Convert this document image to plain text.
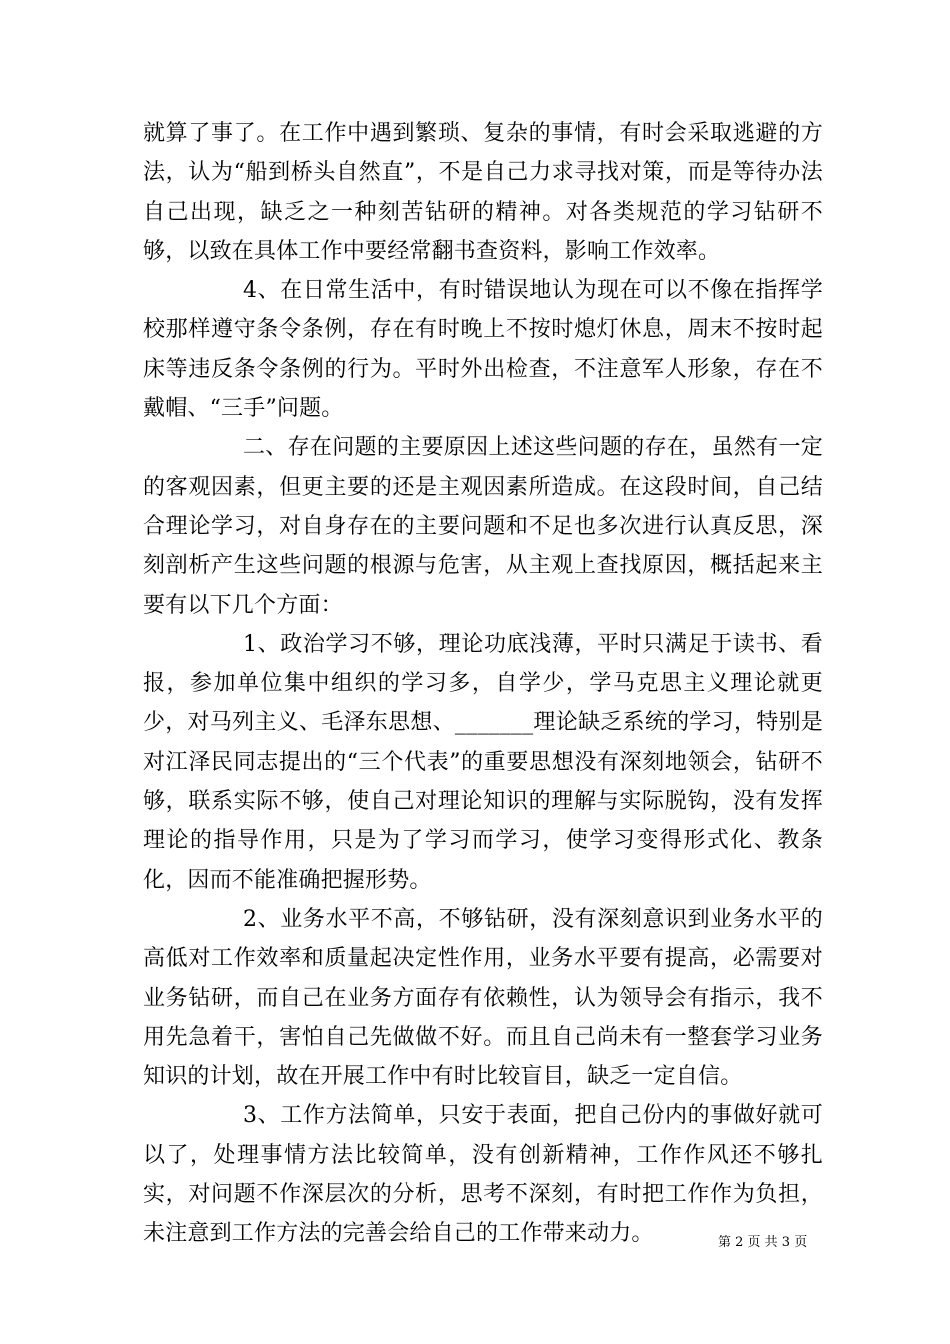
就算了事了。在工作中遇到繁琐、复杂的事情，有时会采取逃避的方法，认为“船到桥头自然直”，不是自己力求寻找对策，而是等待办法自己出现，缺乏之一种刻苦钻研的精神。对各类规范的学习钻研不够，以致在具体工作中要经常翻书查资料，影响工作效率。

4、在日常生活中，有时错误地认为现在可以不像在指挥学校那样遵守条令条例，存在有时晚上不按时熄灯休息，周末不按时起床等违反条令条例的行为。平时外出检查，不注意军人形象，存在不戴帽、“三手”问题。

二、存在问题的主要原因上述这些问题的存在，虽然有一定的客观因素，但更主要的还是主观因素所造成。在这段时间，自己结合理论学习，对自身存在的主要问题和不足也多次进行认真反思，深刻剖析产生这些问题的根源与危害，从主观上查找原因，概括起来主要有以下几个方面：

1、政治学习不够，理论功底浅薄，平时只满足于读书、看报，参加单位集中组织的学习多，自学少，学马克思主义理论就更少，对马列主义、毛泽东思想、_______理论缺乏系统的学习，特别是对江泽民同志提出的“三个代表”的重要思想没有深刻地领会，钻研不够，联系实际不够，使自己对理论知识的理解与实际脱钩，没有发挥理论的指导作用，只是为了学习而学习，使学习变得形式化、教条化，因而不能准确把握形势。

2、业务水平不高，不够钻研，没有深刻意识到业务水平的高低对工作效率和质量起决定性作用，业务水平要有提高，必需要对业务钻研，而自己在业务方面存有依赖性，认为领导会有指示，我不用先急着干，害怕自己先做做不好。而且自己尚未有一整套学习业务知识的计划，故在开展工作中有时比较盲目，缺乏一定自信。

3、工作方法简单，只安于表面，把自己份内的事做好就可以了，处理事情方法比较简单，没有创新精神，工作作风还不够扎实，对问题不作深层次的分析，思考不深刻，有时把工作作为负担，未注意到工作方法的完善会给自己的工作带来动力。	第 2 页 共 3 页
